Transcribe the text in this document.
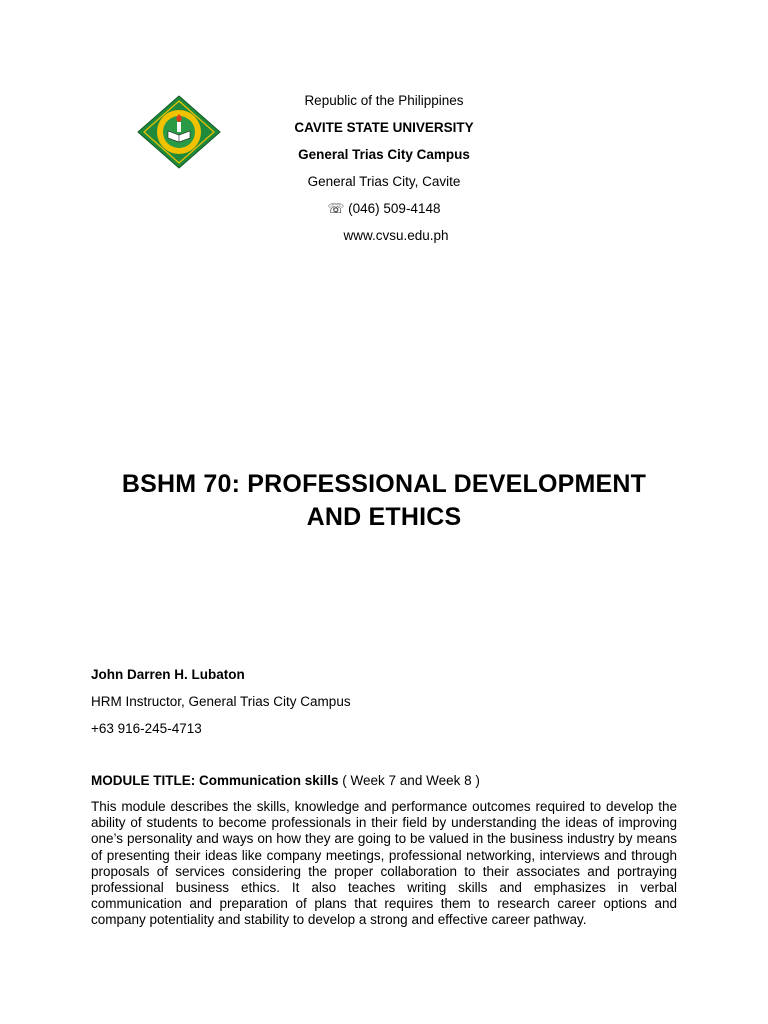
Republic of the Philippines
CAVITE STATE UNIVERSITY
General Trias City Campus
General Trias City, Cavite
☏ (046) 509-4148
www.cvsu.edu.ph
BSHM 70: PROFESSIONAL DEVELOPMENT
AND ETHICS
John Darren H. Lubaton
HRM Instructor, General Trias City Campus
+63 916-245-4713
MODULE TITLE: Communication skills ( Week 7 and Week 8 )

This module describes the skills, knowledge and performance outcomes required to develop the ability of students to become professionals in their field by understanding the ideas of improving one’s personality and ways on how they are going to be valued in the business industry by means of presenting their ideas like company meetings, professional networking, interviews and through proposals of services considering the proper collaboration to their associates and portraying professional business ethics. It also teaches writing skills and emphasizes in verbal communication and preparation of plans that requires them to research career options and company potentiality and stability to develop a strong and effective career pathway.
